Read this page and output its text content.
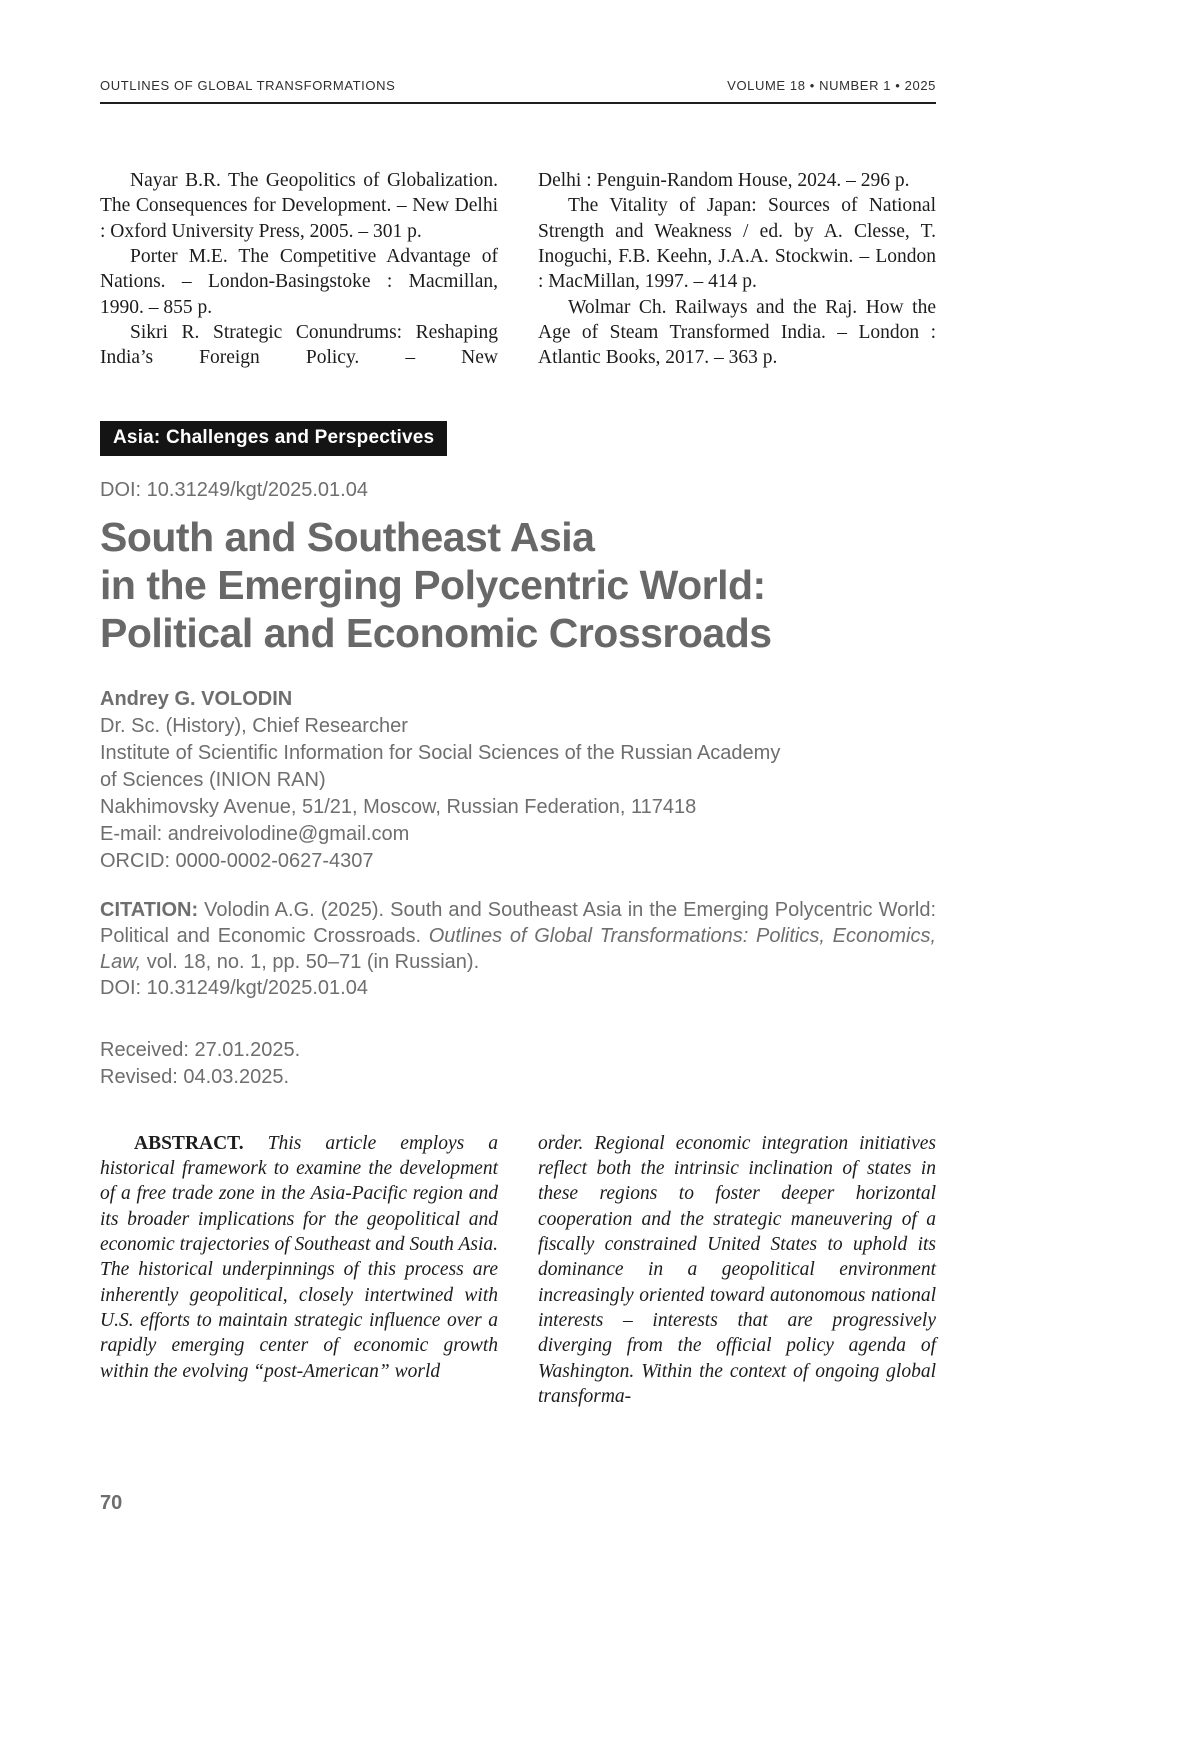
OUTLINES OF GLOBAL TRANSFORMATIONS	VOLUME 18 • NUMBER 1 • 2025

Nayar B.R. The Geopolitics of Globalization. The Consequences for Development. – New Delhi : Oxford University Press, 2005. – 301 p.

Porter M.E. The Competitive Advantage of Nations. – London-Basingstoke : Macmillan, 1990. – 855 p.

Sikri R. Strategic Conundrums: Reshaping India’s Foreign Policy. – New

Delhi : Penguin-Random House, 2024. – 296 p.

The Vitality of Japan: Sources of National Strength and Weakness / ed. by A. Clesse, T. Inoguchi, F.B. Keehn, J.A.A. Stockwin. – London : MacMillan, 1997. – 414 p.

Wolmar Ch. Railways and the Raj. How the Age of Steam Transformed India. – London : Atlantic Books, 2017. – 363 p.

Asia: Challenges and Perspectives
DOI: 10.31249/kgt/2025.01.04
South and Southeast Asia
in the Emerging Polycentric World:
Political and Economic Crossroads
Andrey G. VOLODIN
Dr. Sc. (History), Chief Researcher
Institute of Scientific Information for Social Sciences of the Russian Academy
of Sciences (INION RAN)
Nakhimovsky Avenue, 51/21, Moscow, Russian Federation, 117418
E-mail: andreivolodine@gmail.com
ORCID: 0000-0002-0627-4307

CITATION: Volodin A.G. (2025). South and Southeast Asia in the Emerging Polycentric World: Political and Economic Crossroads. Outlines of Global Transformations: Politics, Economics, Law, vol. 18, no. 1, pp. 50–71 (in Russian).
DOI: 10.31249/kgt/2025.01.04

Received: 27.01.2025.
Revised: 04.03.2025.

ABSTRACT. This article employs a historical framework to examine the development of a free trade zone in the Asia-Pacific region and its broader implications for the geopolitical and economic trajectories of Southeast and South Asia. The historical underpinnings of this process are inherently geopolitical, closely intertwined with U.S. efforts to maintain strategic influence over a rapidly emerging center of economic growth within the evolving “post-American” world

order. Regional economic integration initiatives reflect both the intrinsic inclination of states in these regions to foster deeper horizontal cooperation and the strategic maneuvering of a fiscally constrained United States to uphold its dominance in a geopolitical environment increasingly oriented toward autonomous national interests – interests that are progressively diverging from the official policy agenda of Washington. Within the context of ongoing global transforma-

70
